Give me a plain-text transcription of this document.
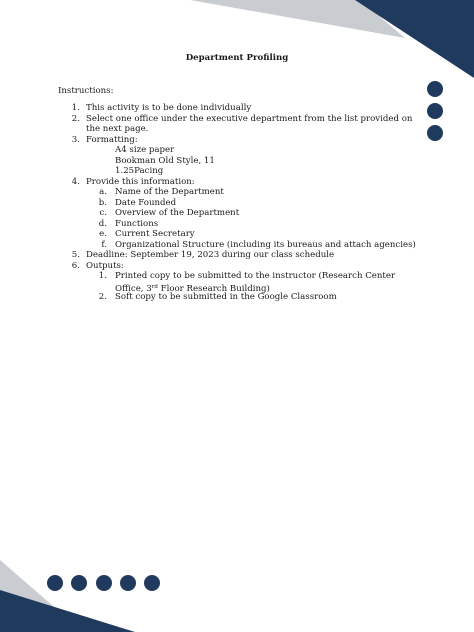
Department Profiling
Instructions:
1. This activity is to be done individually
2. Select one office under the executive department from the list provided on
the next page.
3. Formatting:
A4 size paper
Bookman Old Style, 11
1.25Pacing
4. Provide this information:
a. Name of the Department
b. Date Founded
c. Overview of the Department
d. Functions
e. Current Secretary
f. Organizational Structure (including its bureaus and attach agencies)
5. Deadline: September 19, 2023 during our class schedule
6. Outputs:
1. Printed copy to be submitted to the instructor (Research Center
Office, 3rd Floor Research Building)
2. Soft copy to be submitted in the Google Classroom
